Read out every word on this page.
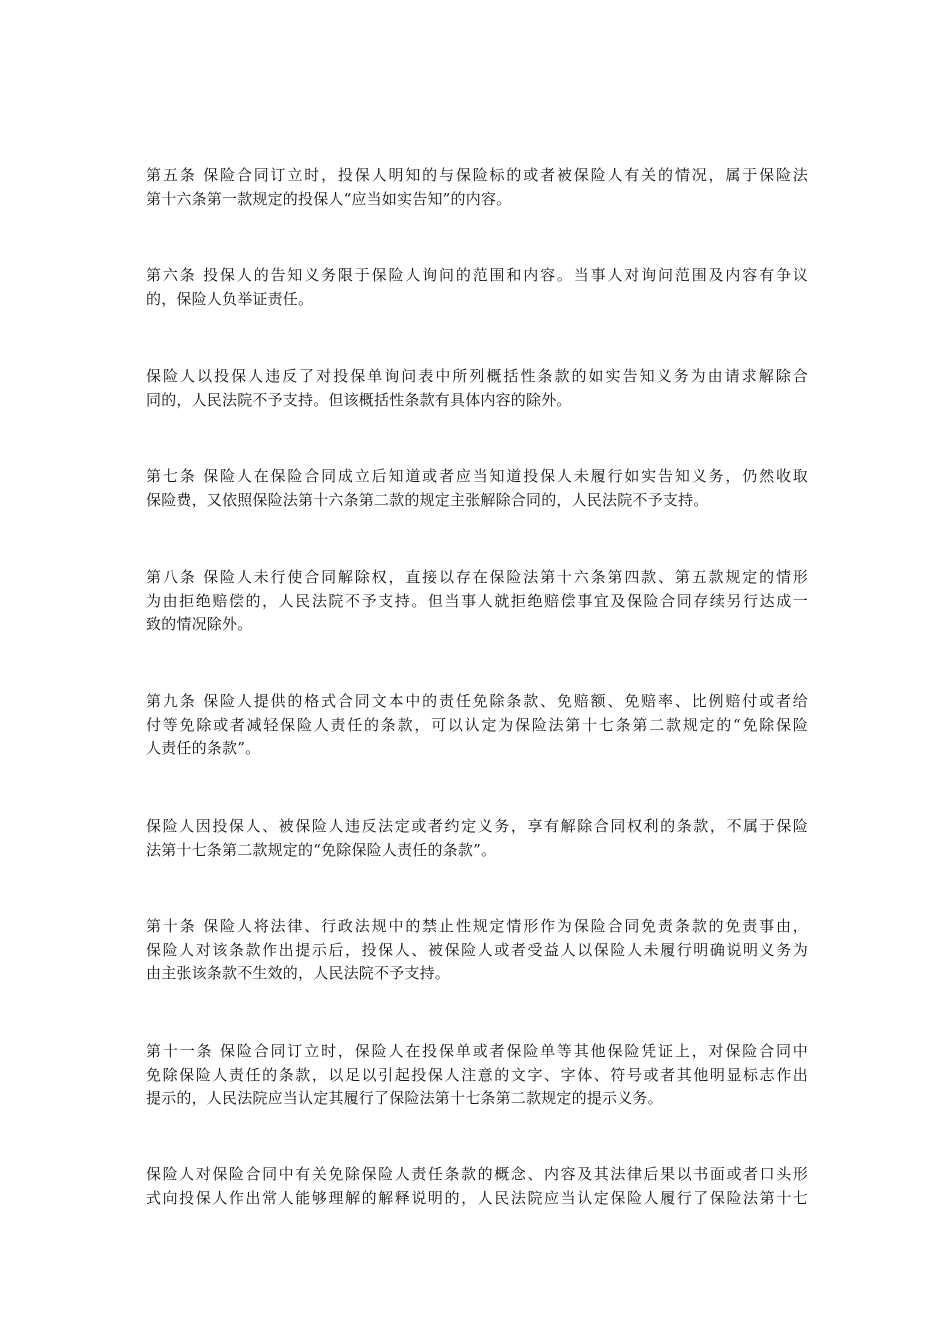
第五条 保险合同订立时，投保人明知的与保险标的或者被保险人有关的情况，属于保险法
第十六条第一款规定的投保人“应当如实告知”的内容。

第六条 投保人的告知义务限于保险人询问的范围和内容。当事人对询问范围及内容有争议
的，保险人负举证责任。

保险人以投保人违反了对投保单询问表中所列概括性条款的如实告知义务为由请求解除合
同的，人民法院不予支持。但该概括性条款有具体内容的除外。

第七条 保险人在保险合同成立后知道或者应当知道投保人未履行如实告知义务，仍然收取
保险费，又依照保险法第十六条第二款的规定主张解除合同的，人民法院不予支持。

第八条 保险人未行使合同解除权，直接以存在保险法第十六条第四款、第五款规定的情形
为由拒绝赔偿的，人民法院不予支持。但当事人就拒绝赔偿事宜及保险合同存续另行达成一
致的情况除外。

第九条 保险人提供的格式合同文本中的责任免除条款、免赔额、免赔率、比例赔付或者给
付等免除或者减轻保险人责任的条款，可以认定为保险法第十七条第二款规定的“免除保险
人责任的条款”。

保险人因投保人、被保险人违反法定或者约定义务，享有解除合同权利的条款，不属于保险
法第十七条第二款规定的“免除保险人责任的条款”。

第十条 保险人将法律、行政法规中的禁止性规定情形作为保险合同免责条款的免责事由，
保险人对该条款作出提示后，投保人、被保险人或者受益人以保险人未履行明确说明义务为
由主张该条款不生效的，人民法院不予支持。

第十一条 保险合同订立时，保险人在投保单或者保险单等其他保险凭证上，对保险合同中
免除保险人责任的条款，以足以引起投保人注意的文字、字体、符号或者其他明显标志作出
提示的，人民法院应当认定其履行了保险法第十七条第二款规定的提示义务。

保险人对保险合同中有关免除保险人责任条款的概念、内容及其法律后果以书面或者口头形
式向投保人作出常人能够理解的解释说明的，人民法院应当认定保险人履行了保险法第十七
